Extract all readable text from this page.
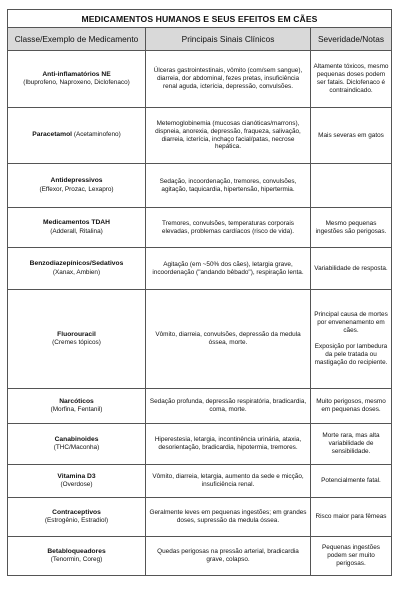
MEDICAMENTOS HUMANOS E SEUS EFEITOS EM CÃES		
Classe/Exemplo de Medicamento	Principais Sinais Clínicos	Severidade/Notas
Anti-inflamatórios NE
(Ibuprofeno, Naproxeno, Diclofenaco)	Úlceras gastrointestinais, vômito (com/sem sangue), diarreia, dor abdominal, fezes pretas, insuficiência renal aguda, icterícia, depressão, convulsões.	Altamente tóxicos, mesmo pequenas doses podem ser fatais. Diclofenaco é contraindicado.
Paracetamol (Acetaminofeno)	Metemoglobinemia (mucosas cianóticas/marrons), dispneia, anorexia, depressão, fraqueza, salivação, diarreia, icterícia, inchaço facial/patas, necrose hepática.	Mais severas em gatos
Antidepressivos
(Effexor, Prozac, Lexapro)	Sedação, incoordenação, tremores, convulsões, agitação, taquicardia, hipertensão, hipertermia.	
Medicamentos TDAH
(Adderall, Ritalina)	Tremores, convulsões, temperaturas corporais elevadas, problemas cardíacos (risco de vida).	Mesmo pequenas ingestões são perigosas.
Benzodiazepínicos/Sedativos
(Xanax, Ambien)	Agitação (em ~50% dos cães), letargia grave, incoordenação ("andando bêbado"), respiração lenta.	Variabilidade de resposta.
Fluorouracil
(Cremes tópicos)	Vômito, diarreia, convulsões, depressão da medula óssea, morte.	Principal causa de mortes por envenenamento em cães.
Exposição por lambedura da pele tratada ou mastigação do recipiente.
Narcóticos
(Morfina, Fentanil)	Sedação profunda, depressão respiratória, bradicardia, coma, morte.	Muito perigosos, mesmo em pequenas doses.
Canabinoides
(THC/Maconha)	Hiperestesia, letargia, incontinência urinária, ataxia, desorientação, bradicardia, hipotermia, tremores.	Morte rara, mas alta variabilidade de sensibilidade.
Vitamina D3
(Overdose)	Vômito, diarreia, letargia, aumento da sede e micção, insuficiência renal.	Potencialmente fatal.
Contraceptivos
(Estrogênio, Estradiol)	Geralmente leves em pequenas ingestões; em grandes doses, supressão da medula óssea.	Risco maior para fêmeas
Betabloqueadores
(Tenormin, Coreg)	Quedas perigosas na pressão arterial, bradicardia grave, colapso.	Pequenas ingestões podem ser muito perigosas.
